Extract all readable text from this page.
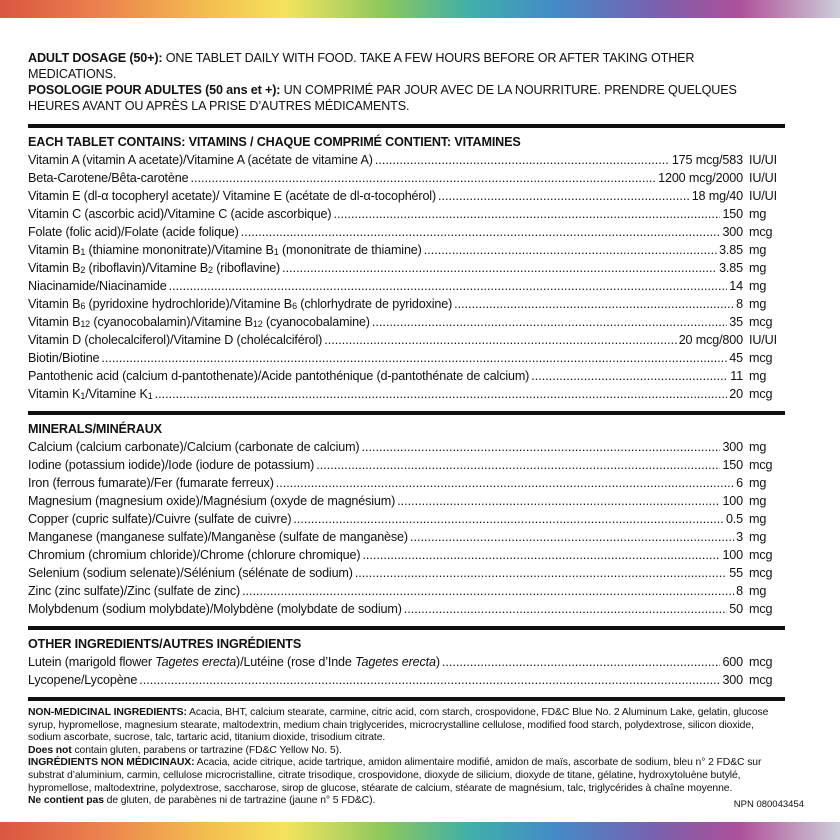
ADULT DOSAGE (50+): ONE TABLET DAILY WITH FOOD. TAKE A FEW HOURS BEFORE OR AFTER TAKING OTHER MEDICATIONS.

POSOLOGIE POUR ADULTES (50 ans et +): UN COMPRIMÉ PAR JOUR AVEC DE LA NOURRITURE. PRENDRE QUELQUES HEURES AVANT OU APRÈS LA PRISE D’AUTRES MÉDICAMENTS.

EACH TABLET CONTAINS: VITAMINS / CHAQUE COMPRIMÉ CONTIENT: VITAMINES
Vitamin A (vitamin A acetate)/Vitamine A (acétate de vitamine A) .....	175 mcg/583 IU/UI
Beta-Carotene/Bêta-carotène .....	1200 mcg/2000 IU/UI
Vitamin E (dl-α tocopheryl acetate)/ Vitamine E (acétate de dl-α-tocophérol) .....	18 mg/40 IU/UI
Vitamin C (ascorbic acid)/Vitamine C (acide ascorbique) .....	150 mg
Folate (folic acid)/Folate (acide folique) .....	300 mcg
Vitamin $B_1$ (thiamine mononitrate)/Vitamine $B_1$ (mononitrate de thiamine) .....	3.85 mg
Vitamin $B_2$ (riboflavin)/Vitamine $B_2$ (riboflavine) .....	3.85 mg
Niacinamide/Niacinamide .....	14 mg
Vitamin $B_6$ (pyridoxine hydrochloride)/Vitamine $B_6$ (chlorhydrate de pyridoxine) .....	8 mg
Vitamin $B_{12}$ (cyanocobalamin)/Vitamine $B_{12}$ (cyanocobalamine) .....	35 mcg
Vitamin D (cholecalciferol)/Vitamine D (cholécalciférol) .....	20 mcg/800 IU/UI
Biotin/Biotine .....	45 mcg
Pantothenic acid (calcium d-pantothenate)/Acide pantothénique (d-pantothénate de calcium) .....	11 mg
Vitamin $K_1$/Vitamine $K_1$ .....	20 mcg
MINERALS/MINÉRAUX
Calcium (calcium carbonate)/Calcium (carbonate de calcium) .....	300 mg
Iodine (potassium iodide)/Iode (iodure de potassium) .....	150 mcg
Iron (ferrous fumarate)/Fer (fumarate ferreux) .....	6 mg
Magnesium (magnesium oxide)/Magnésium (oxyde de magnésium) .....	100 mg
Copper (cupric sulfate)/Cuivre (sulfate de cuivre) .....	0.5 mg
Manganese (manganese sulfate)/Manganèse (sulfate de manganèse) .....	3 mg
Chromium (chromium chloride)/Chrome (chlorure chromique) .....	100 mcg
Selenium (sodium selenate)/Sélénium (sélénate de sodium) .....	55 mcg
Zinc (zinc sulfate)/Zinc (sulfate de zinc) .....	8 mg
Molybdenum (sodium molybdate)/Molybdène (molybdate de sodium) .....	50 mcg
OTHER INGREDIENTS/AUTRES INGRÉDIENTS
Lutein (marigold flower Tagetes erecta)/Lutéine (rose d’Inde Tagetes erecta) .....	600 mcg
Lycopene/Lycopène .....	300 mcg

NON-MEDICINAL INGREDIENTS: Acacia, BHT, calcium stearate, carmine, citric acid, corn starch, crospovidone, FD&C Blue No. 2 Aluminum Lake, gelatin, glucose syrup, hypromellose, magnesium stearate, maltodextrin, medium chain triglycerides, microcrystalline cellulose, modified food starch, polydextrose, silicon dioxide, sodium ascorbate, sucrose, talc, tartaric acid, titanium dioxide, trisodium citrate.

Does not contain gluten, parabens or tartrazine (FD&C Yellow No. 5).

INGRÉDIENTS NON MÉDICINAUX: Acacia, acide citrique, acide tartrique, amidon alimentaire modifié, amidon de maïs, ascorbate de sodium, bleu n° 2 FD&C sur substrat d’aluminium, carmin, cellulose microcristalline, citrate trisodique, crospovidone, dioxyde de silicium, dioxyde de titane, gélatine, hydroxytoluène butylé, hypromellose, maltodextrine, polydextrose, saccharose, sirop de glucose, stéarate de calcium, stéarate de magnésium, talc, triglycérides à chaîne moyenne.

Ne contient pas de gluten, de parabènes ni de tartrazine (jaune n° 5 FD&C).	NPN 080043454
